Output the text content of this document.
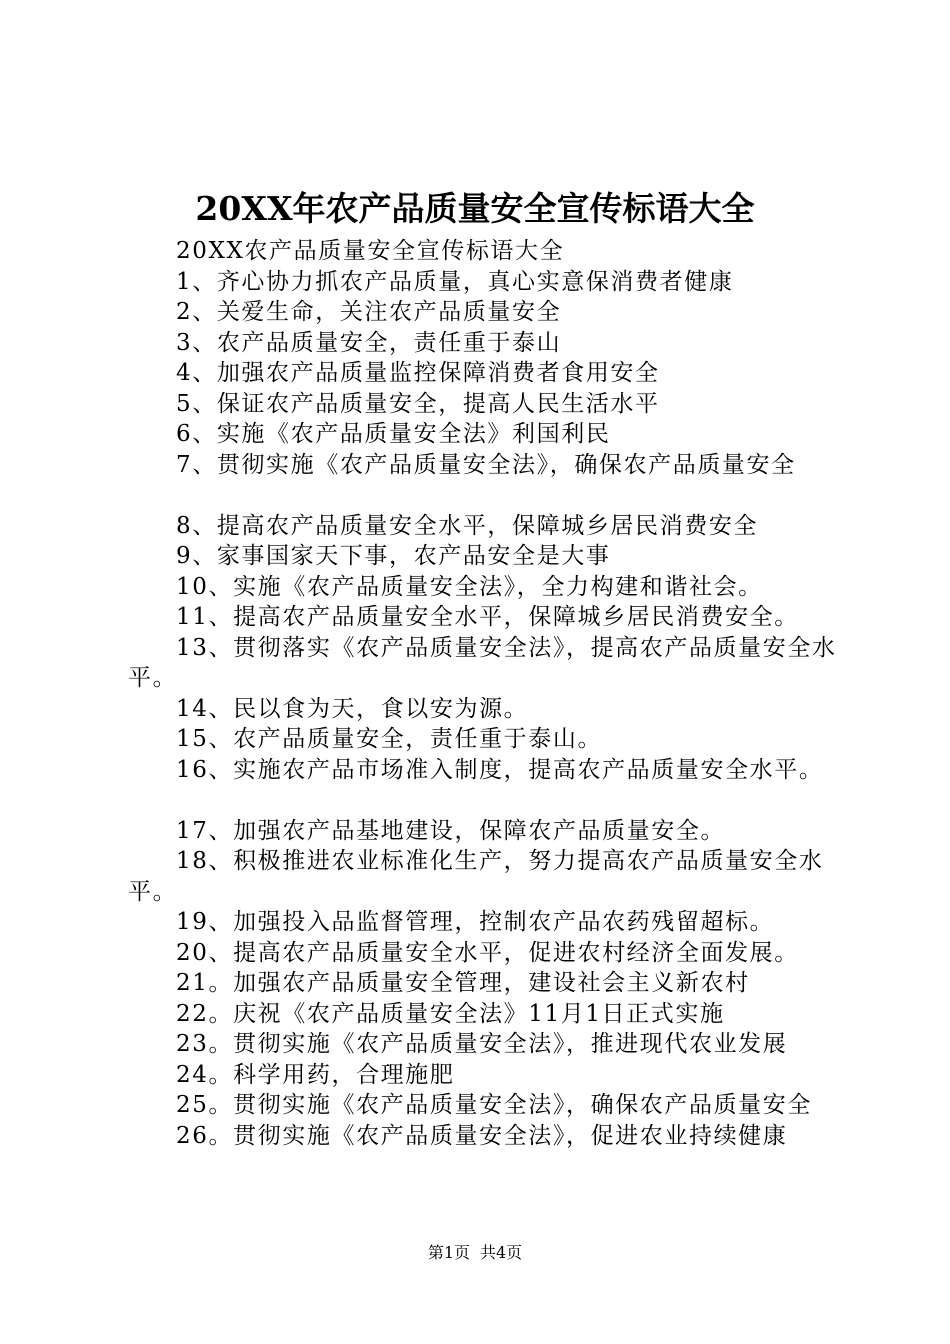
20XX年农产品质量安全宣传标语大全
20XX农产品质量安全宣传标语大全
1、齐心协力抓农产品质量，真心实意保消费者健康
2、关爱生命，关注农产品质量安全
3、农产品质量安全，责任重于泰山
4、加强农产品质量监控保障消费者食用安全
5、保证农产品质量安全，提高人民生活水平
6、实施《农产品质量安全法》利国利民
7、贯彻实施《农产品质量安全法》，确保农产品质量安全
8、提高农产品质量安全水平，保障城乡居民消费安全
9、家事国家天下事，农产品安全是大事
10、实施《农产品质量安全法》，全力构建和谐社会。
11、提高农产品质量安全水平，保障城乡居民消费安全。
13、贯彻落实《农产品质量安全法》，提高农产品质量安全水平。
14、民以食为天，食以安为源。
15、农产品质量安全，责任重于泰山。
16、实施农产品市场准入制度，提高农产品质量安全水平。
17、加强农产品基地建设，保障农产品质量安全。
18、积极推进农业标准化生产，努力提高农产品质量安全水平。
19、加强投入品监督管理，控制农产品农药残留超标。
20、提高农产品质量安全水平，促进农村经济全面发展。
21。加强农产品质量安全管理，建设社会主义新农村
22。庆祝《农产品质量安全法》11月1日正式实施
23。贯彻实施《农产品质量安全法》，推进现代农业发展
24。科学用药，合理施肥
25。贯彻实施《农产品质量安全法》，确保农产品质量安全
26。贯彻实施《农产品质量安全法》，促进农业持续健康
第1页 共4页
